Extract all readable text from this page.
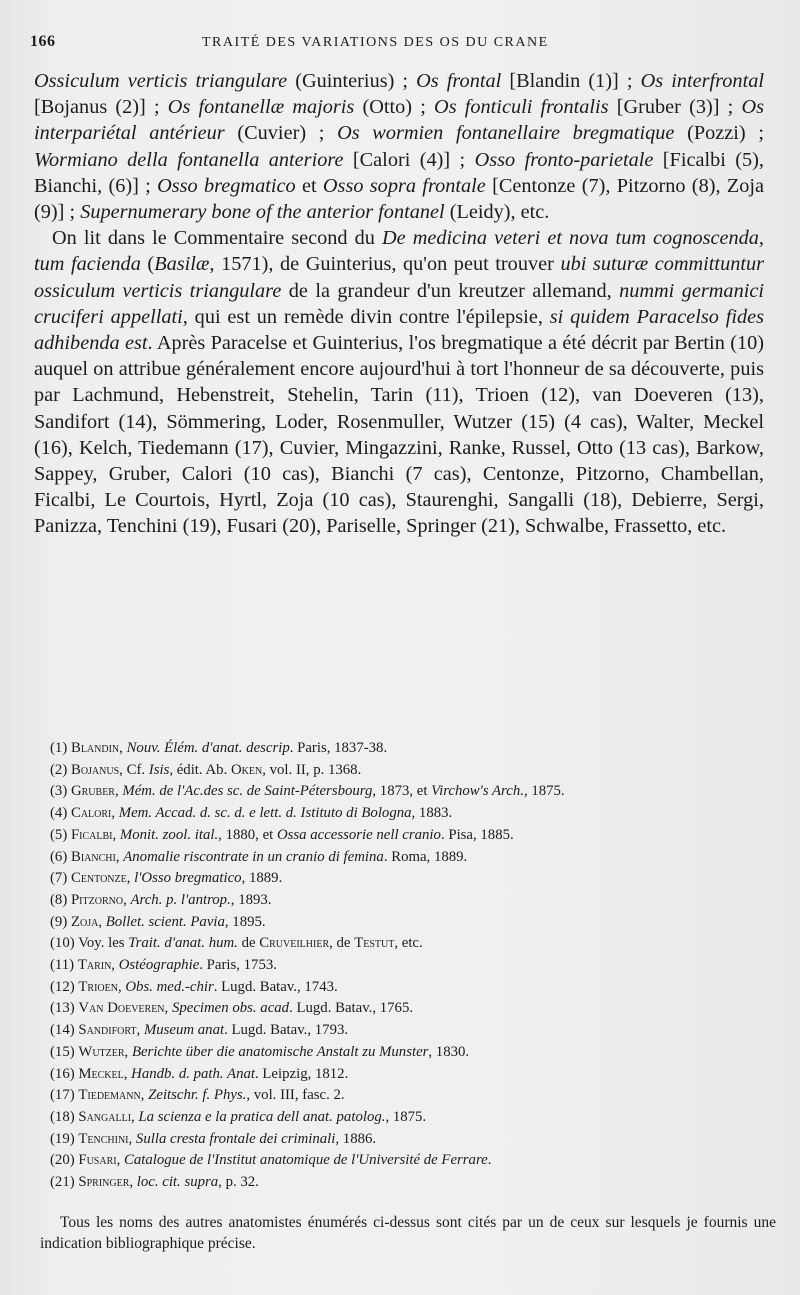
166	TRAITÉ DES VARIATIONS DES OS DU CRANE

Ossiculum verticis triangulare (Guinterius) ; Os frontal [Blandin (1)] ; Os interfrontal [Bojanus (2)] ; Os fontanellæ majoris (Otto) ; Os fonticuli frontalis [Gruber (3)] ; Os interpariétal antérieur (Cuvier) ; Os wormien fontanellaire bregmatique (Pozzi) ; Wormiano della fontanella anteriore [Calori (4)] ; Osso fronto-parietale [Ficalbi (5), Bianchi, (6)] ; Osso bregmatico et Osso sopra frontale [Centonze (7), Pitzorno (8), Zoja (9)] ; Supernumerary bone of the anterior fontanel (Leidy), etc.

On lit dans le Commentaire second du De medicina veteri et nova tum cognoscenda, tum facienda (Basilæ, 1571), de Guinterius, qu'on peut trouver ubi suturæ committuntur ossiculum verticis triangulare de la grandeur d'un kreutzer allemand, nummi germanici cruciferi appellati, qui est un remède divin contre l'épilepsie, si quidem Paracelso fides adhibenda est. Après Paracelse et Guinterius, l'os bregmatique a été décrit par Bertin (10) auquel on attribue généralement encore aujourd'hui à tort l'honneur de sa découverte, puis par Lachmund, Hebenstreit, Stehelin, Tarin (11), Trioen (12), van Doeveren (13), Sandifort (14), Sömmering, Loder, Rosenmuller, Wutzer (15) (4 cas), Walter, Meckel (16), Kelch, Tiedemann (17), Cuvier, Mingazzini, Ranke, Russel, Otto (13 cas), Barkow, Sappey, Gruber, Calori (10 cas), Bianchi (7 cas), Centonze, Pitzorno, Chambellan, Ficalbi, Le Courtois, Hyrtl, Zoja (10 cas), Staurenghi, Sangalli (18), Debierre, Sergi, Panizza, Tenchini (19), Fusari (20), Pariselle, Springer (21), Schwalbe, Frassetto, etc.

(1) Blandin, Nouv. Élém. d'anat. descrip. Paris, 1837-38.
(2) Bojanus, Cf. Isis, édit. Ab. Oken, vol. II, p. 1368.
(3) Gruber, Mém. de l'Ac.des sc. de Saint-Pétersbourg, 1873, et Virchow's Arch., 1875.
(4) Calori, Mem. Accad. d. sc. d. e lett. d. Istituto di Bologna, 1883.
(5) Ficalbi, Monit. zool. ital., 1880, et Ossa accessorie nell cranio. Pisa, 1885.
(6) Bianchi, Anomalie riscontrate in un cranio di femina. Roma, 1889.
(7) Centonze, l'Osso bregmatico, 1889.
(8) Pitzorno, Arch. p. l'antrop., 1893.
(9) Zoja, Bollet. scient. Pavia, 1895.
(10) Voy. les Trait. d'anat. hum. de Cruveilhier, de Testut, etc.
(11) Tarin, Ostéographie. Paris, 1753.
(12) Trioen, Obs. med.-chir. Lugd. Batav., 1743.
(13) Van Doeveren, Specimen obs. acad. Lugd. Batav., 1765.
(14) Sandifort, Museum anat. Lugd. Batav., 1793.
(15) Wutzer, Berichte über die anatomische Anstalt zu Munster, 1830.
(16) Meckel, Handb. d. path. Anat. Leipzig, 1812.
(17) Tiedemann, Zeitschr. f. Phys., vol. III, fasc. 2.
(18) Sangalli, La scienza e la pratica dell anat. patolog., 1875.
(19) Tenchini, Sulla cresta frontale dei criminali, 1886.
(20) Fusari, Catalogue de l'Institut anatomique de l'Université de Ferrare.
(21) Springer, loc. cit. supra, p. 32.

Tous les noms des autres anatomistes énumérés ci-dessus sont cités par un de ceux sur lesquels je fournis une indication bibliographique précise.
